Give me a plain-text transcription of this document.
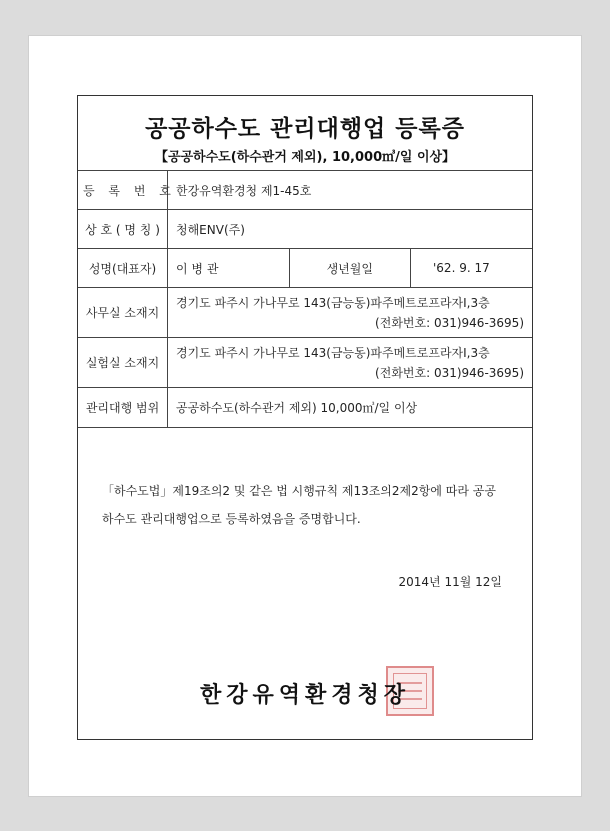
공공하수도 관리대행업 등록증
【공공하수도(하수관거 제외), 10,000㎥/일 이상】
등 록 번 호	한강유역환경청 제1-45호		
상 호 ( 명 칭 )	청해ENV(주)		
성명(대표자)	이 병 관	생년월일	'62. 9. 17
사무실 소재지	경기도 파주시 가나무로 143(금능동)파주메트로프라자Ⅰ,3층
(전화번호: 031)946-3695)		

실험실 소재지	경기도 파주시 가나무로 143(금능동)파주메트로프라자Ⅰ,3층
(전화번호: 031)946-3695)		

관리대행 범위	공공하수도(하수관거 제외) 10,000㎥/일 이상		
「하수도법」제19조의2 및 같은 법 시행규칙 제13조의2제2항에 따라 공공하수도 관리대행업으로 등록하였음을 증명합니다.
2014년 11월 12일
한강유역환경청장
